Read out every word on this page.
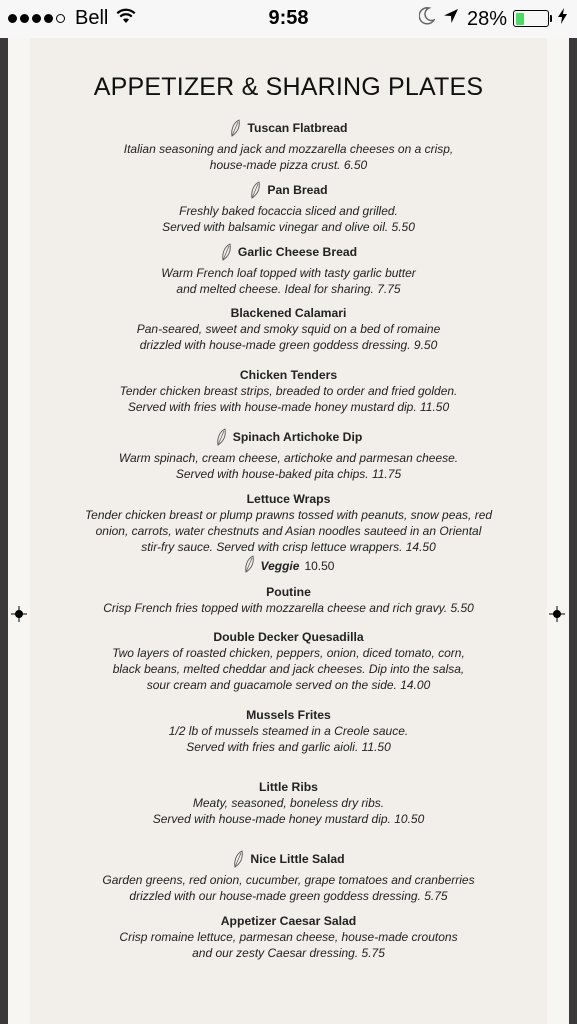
Bell	9:58	28%
APPETIZER & SHARING PLATES
Tuscan Flatbread
Italian seasoning and jack and mozzarella cheeses on a crisp,
house-made pizza crust. 6.50
Pan Bread
Freshly baked focaccia sliced and grilled.
Served with balsamic vinegar and olive oil. 5.50
Garlic Cheese Bread
Warm French loaf topped with tasty garlic butter
and melted cheese. Ideal for sharing. 7.75
Blackened Calamari
Pan-seared, sweet and smoky squid on a bed of romaine
drizzled with house-made green goddess dressing. 9.50
Chicken Tenders
Tender chicken breast strips, breaded to order and fried golden.
Served with fries with house-made honey mustard dip. 11.50
Spinach Artichoke Dip
Warm spinach, cream cheese, artichoke and parmesan cheese.
Served with house-baked pita chips. 11.75
Lettuce Wraps
Tender chicken breast or plump prawns tossed with peanuts, snow peas, red
onion, carrots, water chestnuts and Asian noodles sauteed in an Oriental
stir-fry sauce. Served with crisp lettuce wrappers. 14.50
Veggie 10.50
Poutine
Crisp French fries topped with mozzarella cheese and rich gravy. 5.50
Double Decker Quesadilla
Two layers of roasted chicken, peppers, onion, diced tomato, corn,
black beans, melted cheddar and jack cheeses. Dip into the salsa,
sour cream and guacamole served on the side. 14.00
Mussels Frites
1/2 lb of mussels steamed in a Creole sauce.
Served with fries and garlic aioli. 11.50
Little Ribs
Meaty, seasoned, boneless dry ribs.
Served with house-made honey mustard dip. 10.50
Nice Little Salad
Garden greens, red onion, cucumber, grape tomatoes and cranberries
drizzled with our house-made green goddess dressing. 5.75
Appetizer Caesar Salad
Crisp romaine lettuce, parmesan cheese, house-made croutons
and our zesty Caesar dressing. 5.75
